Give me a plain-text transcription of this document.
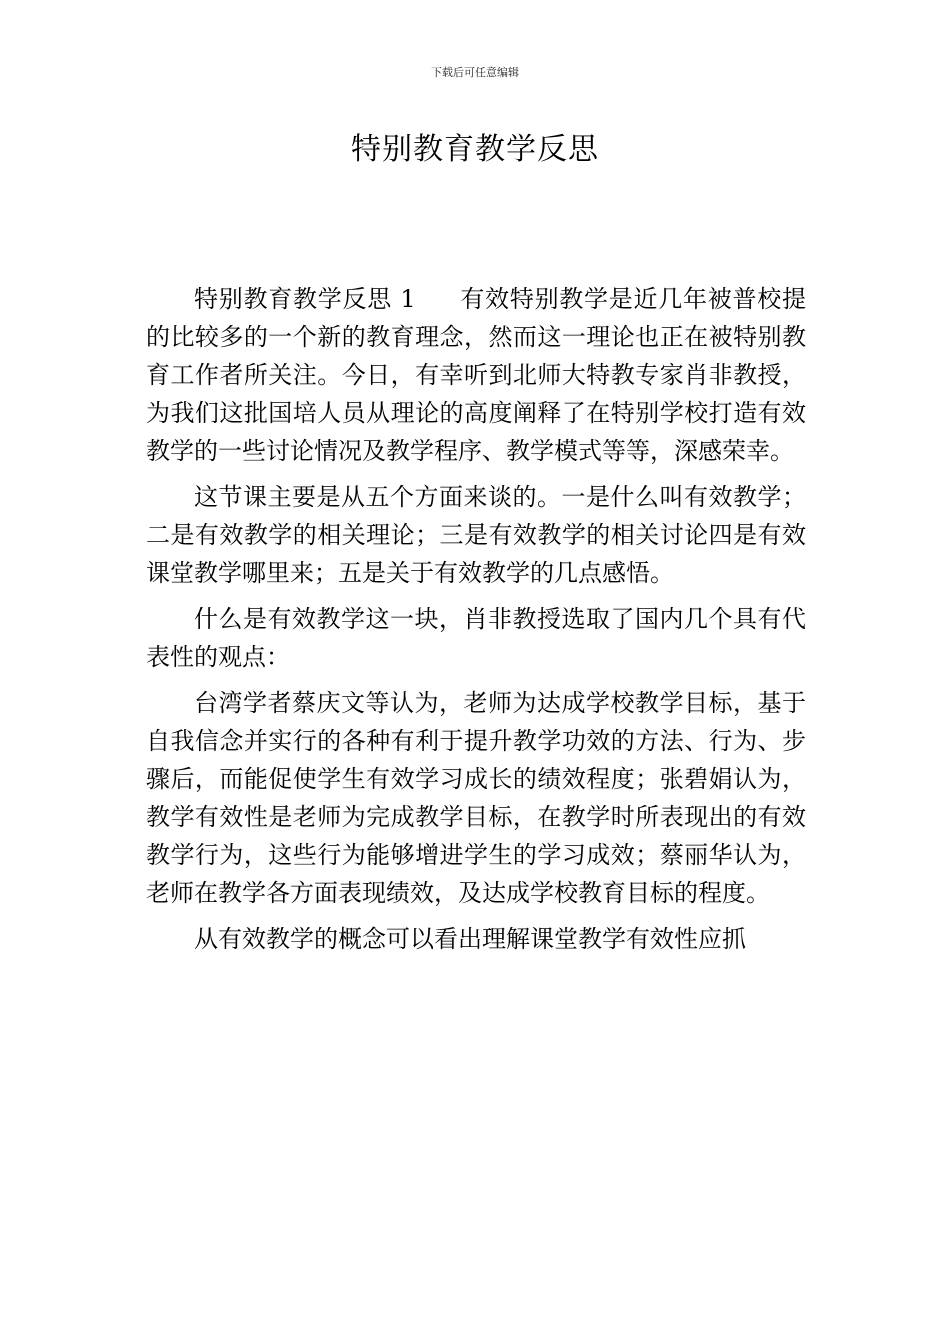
下载后可任意编辑
特别教育教学反思

特别教育教学反思 1 有效特别教学是近几年被普校提的比较多的一个新的教育理念，然而这一理论也正在被特别教育工作者所关注。今日，有幸听到北师大特教专家肖非教授，为我们这批国培人员从理论的高度阐释了在特别学校打造有效教学的一些讨论情况及教学程序、教学模式等等，深感荣幸。

这节课主要是从五个方面来谈的。一是什么叫有效教学；二是有效教学的相关理论；三是有效教学的相关讨论四是有效课堂教学哪里来；五是关于有效教学的几点感悟。

什么是有效教学这一块，肖非教授选取了国内几个具有代表性的观点：

台湾学者蔡庆文等认为，老师为达成学校教学目标，基于自我信念并实行的各种有利于提升教学功效的方法、行为、步骤后，而能促使学生有效学习成长的绩效程度；张碧娟认为，教学有效性是老师为完成教学目标，在教学时所表现出的有效教学行为，这些行为能够增进学生的学习成效；蔡丽华认为，老师在教学各方面表现绩效，及达成学校教育目标的程度。

从有效教学的概念可以看出理解课堂教学有效性应抓
